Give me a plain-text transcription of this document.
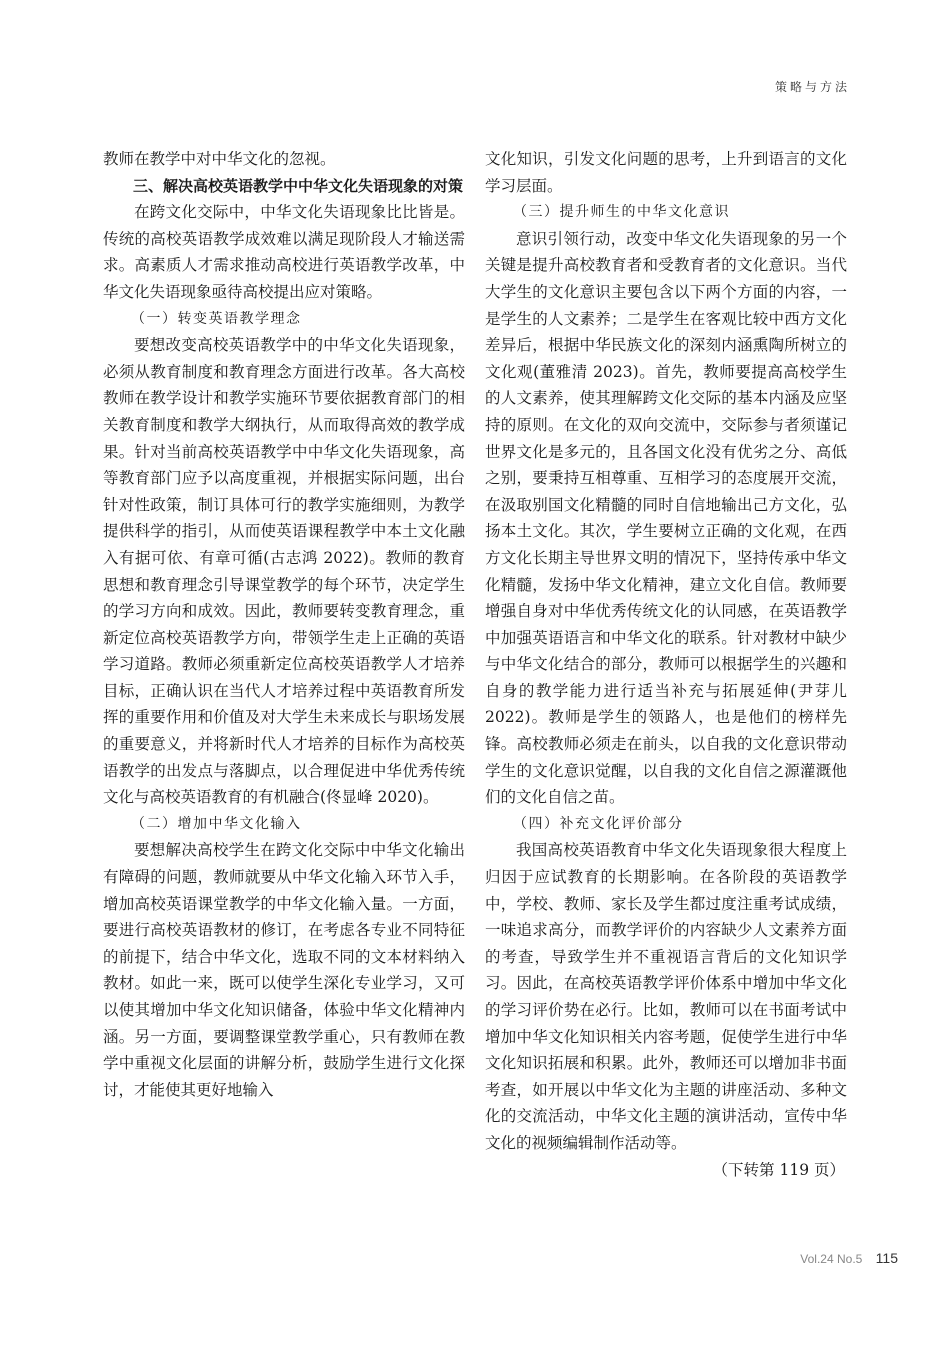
策略与方法

教师在教学中对中华文化的忽视。

三、解决高校英语教学中中华文化失语现象的对策

在跨文化交际中，中华文化失语现象比比皆是。传统的高校英语教学成效难以满足现阶段人才输送需求。高素质人才需求推动高校进行英语教学改革，中华文化失语现象亟待高校提出应对策略。

（一）转变英语教学理念

要想改变高校英语教学中的中华文化失语现象，必须从教育制度和教育理念方面进行改革。各大高校教师在教学设计和教学实施环节要依据教育部门的相关教育制度和教学大纲执行，从而取得高效的教学成果。针对当前高校英语教学中中华文化失语现象，高等教育部门应予以高度重视，并根据实际问题，出台针对性政策，制订具体可行的教学实施细则，为教学提供科学的指引，从而使英语课程教学中本土文化融入有据可依、有章可循(古志鸿 2022)。教师的教育思想和教育理念引导课堂教学的每个环节，决定学生的学习方向和成效。因此，教师要转变教育理念，重新定位高校英语教学方向，带领学生走上正确的英语学习道路。教师必须重新定位高校英语教学人才培养目标，正确认识在当代人才培养过程中英语教育所发挥的重要作用和价值及对大学生未来成长与职场发展的重要意义，并将新时代人才培养的目标作为高校英语教学的出发点与落脚点，以合理促进中华优秀传统文化与高校英语教育的有机融合(佟显峰 2020)。

（二）增加中华文化输入

要想解决高校学生在跨文化交际中中华文化输出有障碍的问题，教师就要从中华文化输入环节入手，增加高校英语课堂教学的中华文化输入量。一方面，要进行高校英语教材的修订，在考虑各专业不同特征的前提下，结合中华文化，选取不同的文本材料纳入教材。如此一来，既可以使学生深化专业学习，又可以使其增加中华文化知识储备，体验中华文化精神内涵。另一方面，要调整课堂教学重心，只有教师在教学中重视文化层面的讲解分析，鼓励学生进行文化探讨，才能使其更好地输入

文化知识，引发文化问题的思考，上升到语言的文化学习层面。

（三）提升师生的中华文化意识

意识引领行动，改变中华文化失语现象的另一个关键是提升高校教育者和受教育者的文化意识。当代大学生的文化意识主要包含以下两个方面的内容，一是学生的人文素养；二是学生在客观比较中西方文化差异后，根据中华民族文化的深刻内涵熏陶所树立的文化观(董雅清 2023)。首先，教师要提高高校学生的人文素养，使其理解跨文化交际的基本内涵及应坚持的原则。在文化的双向交流中，交际参与者须谨记世界文化是多元的，且各国文化没有优劣之分、高低之别，要秉持互相尊重、互相学习的态度展开交流，在汲取别国文化精髓的同时自信地输出己方文化，弘扬本土文化。其次，学生要树立正确的文化观，在西方文化长期主导世界文明的情况下，坚持传承中华文化精髓，发扬中华文化精神，建立文化自信。教师要增强自身对中华优秀传统文化的认同感，在英语教学中加强英语语言和中华文化的联系。针对教材中缺少与中华文化结合的部分，教师可以根据学生的兴趣和自身的教学能力进行适当补充与拓展延伸(尹芽儿 2022)。教师是学生的领路人，也是他们的榜样先锋。高校教师必须走在前头，以自我的文化意识带动学生的文化意识觉醒，以自我的文化自信之源灌溉他们的文化自信之苗。

（四）补充文化评价部分

我国高校英语教育中华文化失语现象很大程度上归因于应试教育的长期影响。在各阶段的英语教学中，学校、教师、家长及学生都过度注重考试成绩，一味追求高分，而教学评价的内容缺少人文素养方面的考查，导致学生并不重视语言背后的文化知识学习。因此，在高校英语教学评价体系中增加中华文化的学习评价势在必行。比如，教师可以在书面考试中增加中华文化知识相关内容考题，促使学生进行中华文化知识拓展和积累。此外，教师还可以增加非书面考查，如开展以中华文化为主题的讲座活动、多种文化的交流活动，中华文化主题的演讲活动，宣传中华文化的视频编辑制作活动等。

（下转第 119 页）

Vol.24 No.5 115
